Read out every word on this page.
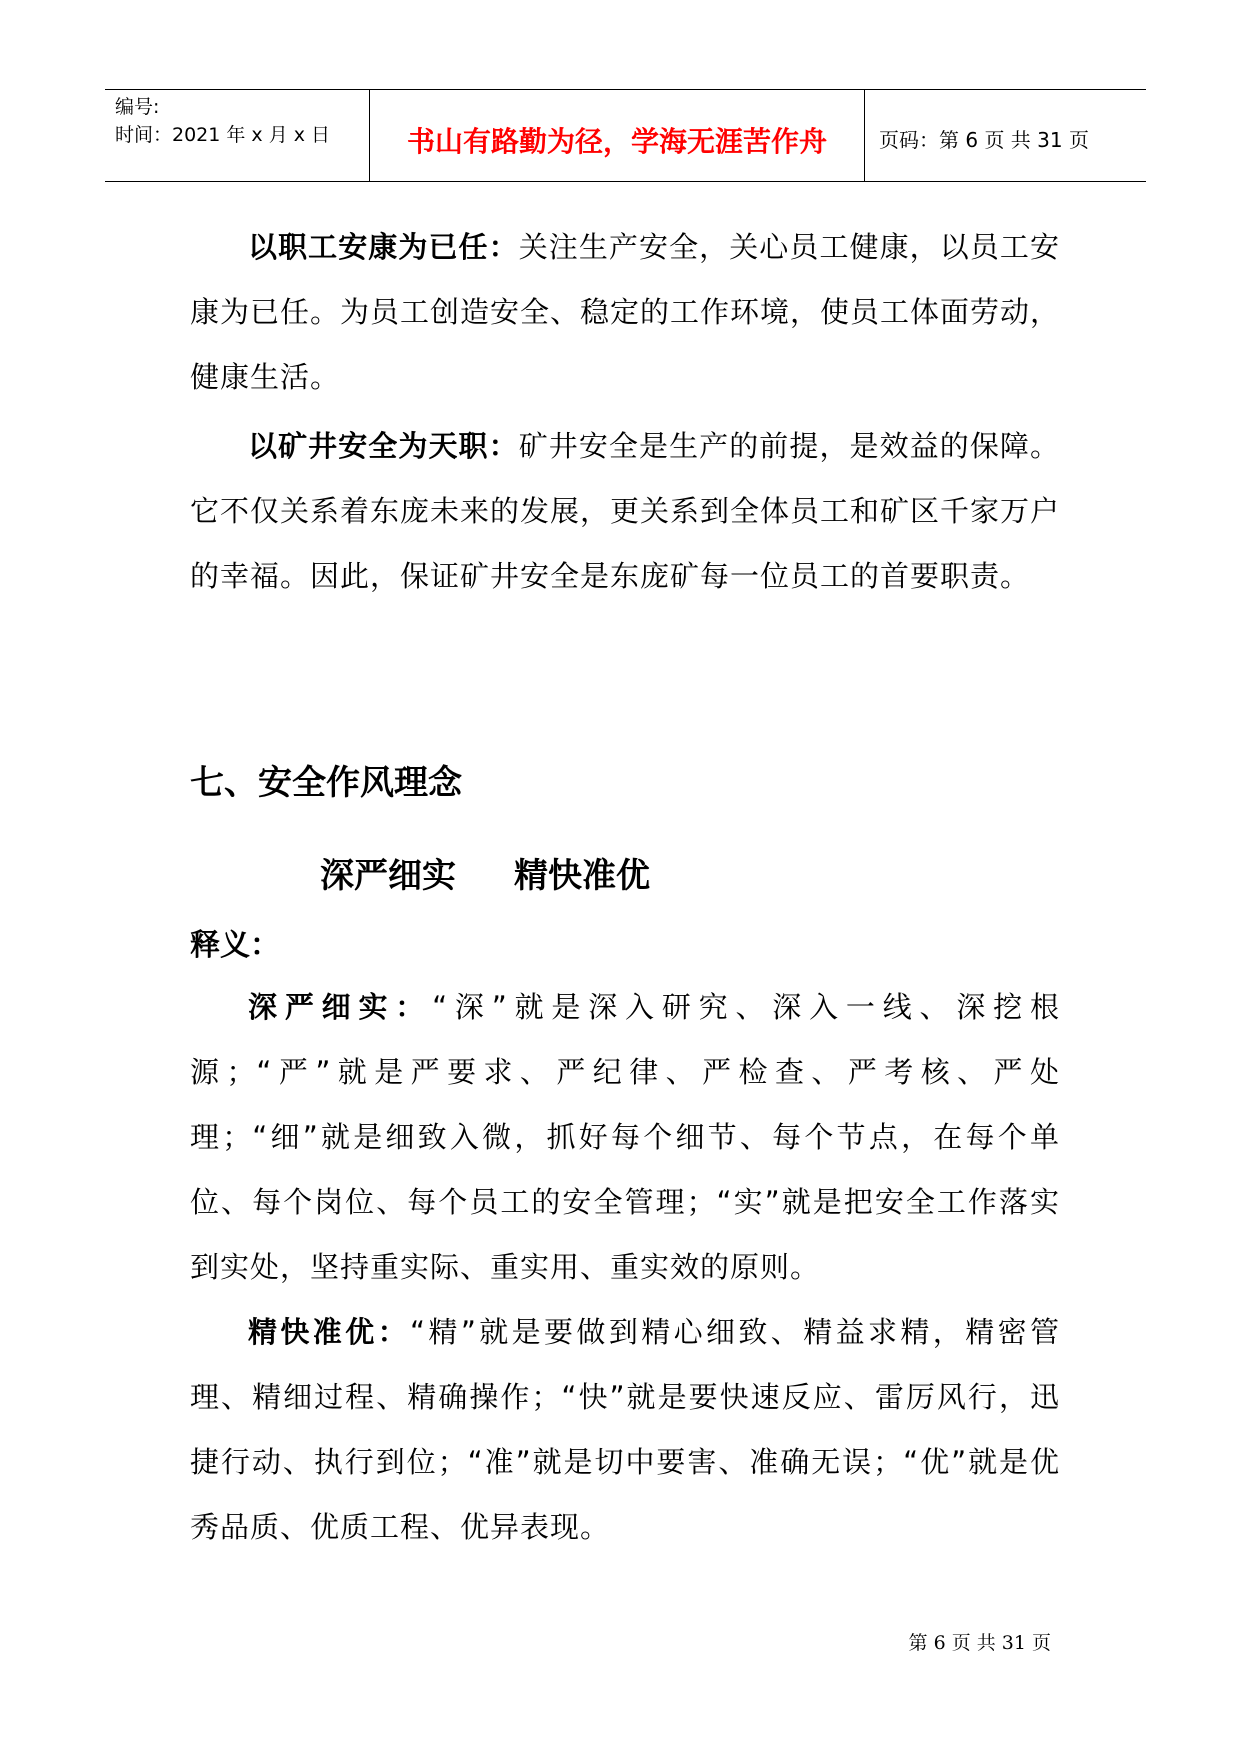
编号:
时间：2021 年 x 月 x 日	书山有路勤为径，学海无涯苦作舟	页码：第 6 页 共 31 页

以职工安康为已任：关注生产安全，关心员工健康，以员工安康为已任。为员工创造安全、稳定的工作环境，使员工体面劳动，健康生活。

以矿井安全为天职：矿井安全是生产的前提，是效益的保障。它不仅关系着东庞未来的发展，更关系到全体员工和矿区千家万户的幸福。因此，保证矿井安全是东庞矿每一位员工的首要职责。

七、安全作风理念
深严细实 精快准优
释义：

深严细实：“深”就是深入研究、深入一线、深挖根源；“严”就是严要求、严纪律、严检查、严考核、严处理；“细”就是细致入微，抓好每个细节、每个节点，在每个单位、每个岗位、每个员工的安全管理；“实”就是把安全工作落实到实处，坚持重实际、重实用、重实效的原则。

精快准优：“精”就是要做到精心细致、精益求精，精密管理、精细过程、精确操作；“快”就是要快速反应、雷厉风行，迅捷行动、执行到位；“准”就是切中要害、准确无误；“优”就是优秀品质、优质工程、优异表现。

第 6 页 共 31 页
